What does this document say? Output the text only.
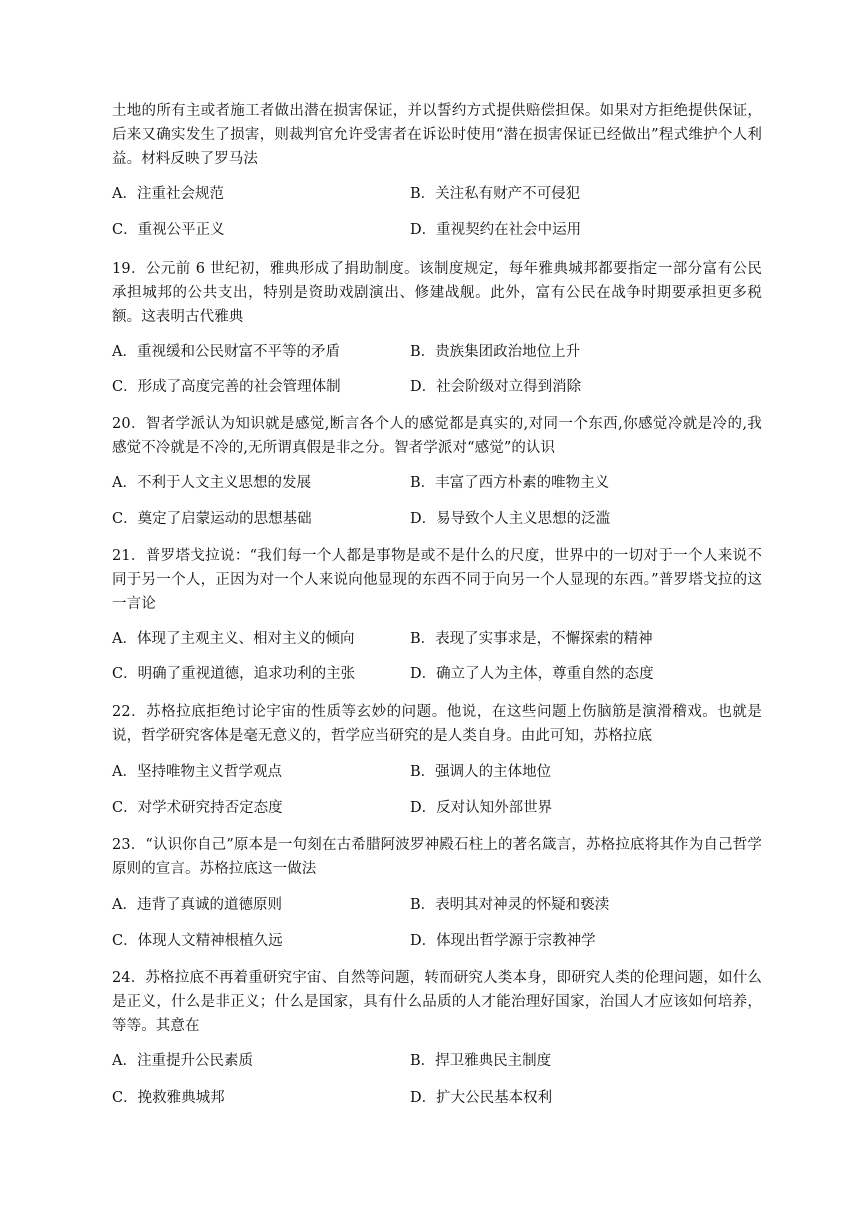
土地的所有主或者施工者做出潜在损害保证，并以誓约方式提供赔偿担保。如果对方拒绝提供保证，后来又确实发生了损害，则裁判官允许受害者在诉讼时使用“潜在损害保证已经做出”程式维护个人利益。材料反映了罗马法
A．注重社会规范	B．关注私有财产不可侵犯
C．重视公平正义	D．重视契约在社会中运用
19．公元前 6 世纪初，雅典形成了捐助制度。该制度规定，每年雅典城邦都要指定一部分富有公民承担城邦的公共支出，特别是资助戏剧演出、修建战舰。此外，富有公民在战争时期要承担更多税额。这表明古代雅典
A．重视缓和公民财富不平等的矛盾	B．贵族集团政治地位上升
C．形成了高度完善的社会管理体制	D．社会阶级对立得到消除
20．智者学派认为知识就是感觉,断言各个人的感觉都是真实的,对同一个东西,你感觉冷就是冷的,我感觉不冷就是不冷的,无所谓真假是非之分。智者学派对“感觉”的认识
A．不利于人文主义思想的发展	B．丰富了西方朴素的唯物主义
C．奠定了启蒙运动的思想基础	D．易导致个人主义思想的泛滥
21．普罗塔戈拉说：“我们每一个人都是事物是或不是什么的尺度，世界中的一切对于一个人来说不同于另一个人，正因为对一个人来说向他显现的东西不同于向另一个人显现的东西。”普罗塔戈拉的这一言论
A．体现了主观主义、相对主义的倾向	B．表现了实事求是，不懈探索的精神
C．明确了重视道德，追求功利的主张	D．确立了人为主体，尊重自然的态度
22．苏格拉底拒绝讨论宇宙的性质等玄妙的问题。他说，在这些问题上伤脑筋是演滑稽戏。也就是说，哲学研究客体是毫无意义的，哲学应当研究的是人类自身。由此可知，苏格拉底
A．坚持唯物主义哲学观点	B．强调人的主体地位
C．对学术研究持否定态度	D．反对认知外部世界
23．“认识你自己”原本是一句刻在古希腊阿波罗神殿石柱上的著名箴言，苏格拉底将其作为自己哲学原则的宣言。苏格拉底这一做法
A．违背了真诚的道德原则	B．表明其对神灵的怀疑和亵渎
C．体现人文精神根植久远	D．体现出哲学源于宗教神学
24．苏格拉底不再着重研究宇宙、自然等问题，转而研究人类本身，即研究人类的伦理问题，如什么是正义，什么是非正义；什么是国家，具有什么品质的人才能治理好国家，治国人才应该如何培养，等等。其意在
A．注重提升公民素质	B．捍卫雅典民主制度
C．挽救雅典城邦	D．扩大公民基本权利
